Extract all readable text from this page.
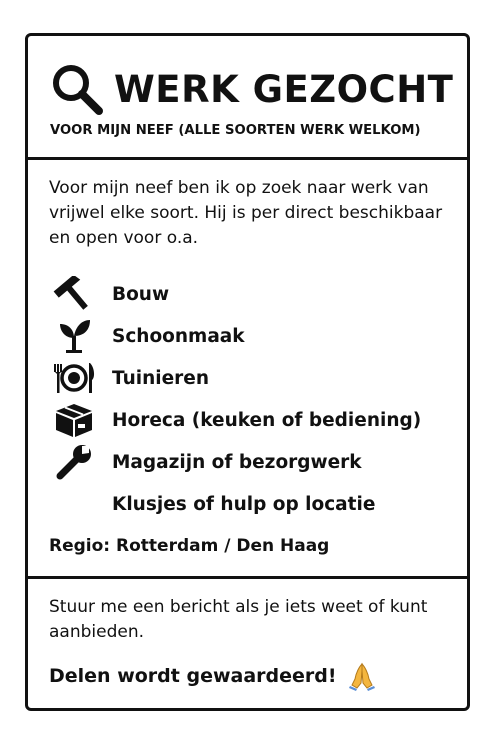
WERK GEZOCHT
VOOR MIJN NEEF (ALLE SOORTEN WERK WELKOM)
Voor mijn neef ben ik op zoek naar werk van vrijwel elke soort. Hij is per direct beschikbaar en open voor o.a.
Bouw
Schoonmaak
Tuinieren
Horeca (keuken of bediening)
Magazijn of bezorgwerk
Klusjes of hulp op locatie
Regio: Rotterdam / Den Haag
Stuur me een bericht als je iets weet of kunt aanbieden.
Delen wordt gewaardeerd!
